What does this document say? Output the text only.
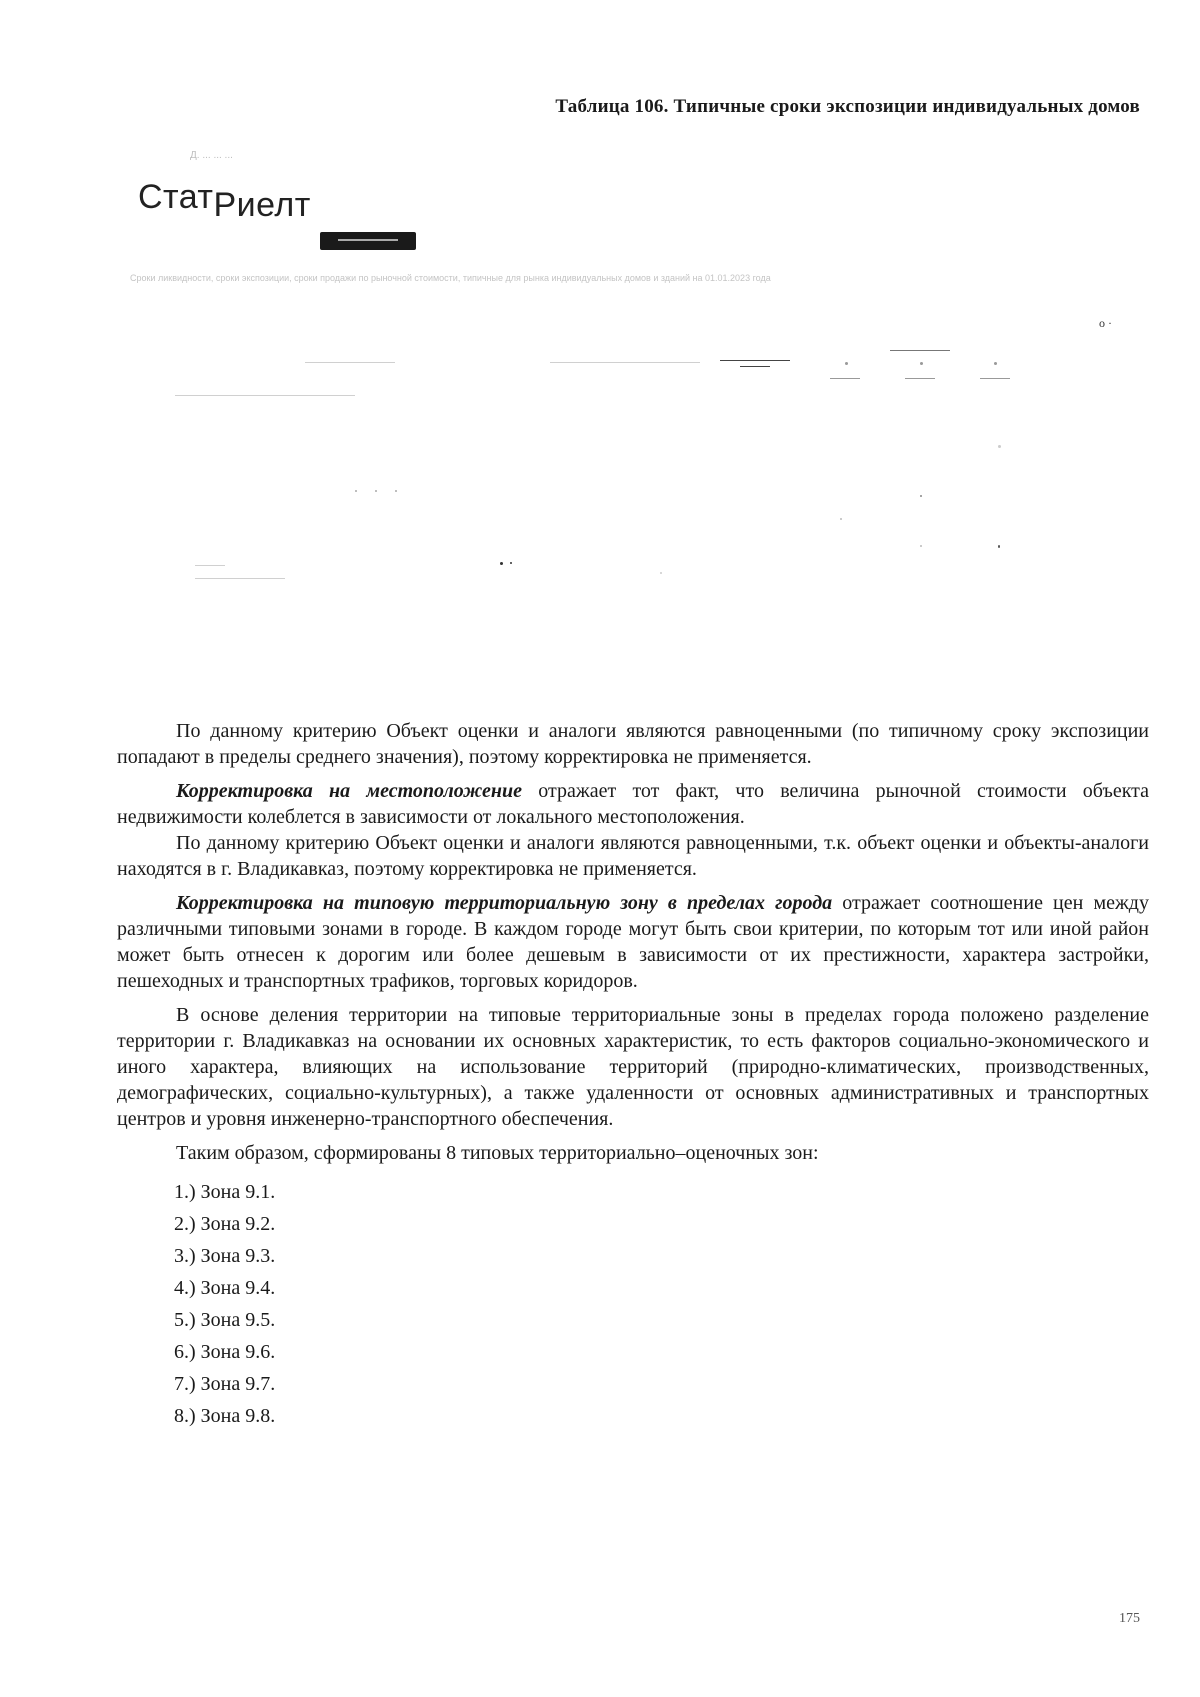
Таблица 106. Типичные сроки экспозиции индивидуальных домов
Д. ... ... ...
СтатРиелт
Сроки ликвидности, сроки экспозиции, сроки продажи по рыночной стоимости, типичные для рынка индивидуальных домов и зданий на 01.01.2023 года
о ·

По данному критерию Объект оценки и аналоги являются равноценными (по типичному сроку экспозиции попадают в пределы среднего значения), поэтому корректировка не применяется.

Корректировка на местоположение отражает тот факт, что величина рыночной стоимости объекта недвижимости колеблется в зависимости от локального местоположения.

По данному критерию Объект оценки и аналоги являются равноценными, т.к. объект оценки и объекты-аналоги находятся в г. Владикавказ, поэтому корректировка не применяется.

Корректировка на типовую территориальную зону в пределах города отражает соотношение цен между различными типовыми зонами в городе. В каждом городе могут быть свои критерии, по которым тот или иной район может быть отнесен к дорогим или более дешевым в зависимости от их престижности, характера застройки, пешеходных и транспортных трафиков, торговых коридоров.

В основе деления территории на типовые территориальные зоны в пределах города положено разделение территории г. Владикавказ на основании их основных характеристик, то есть факторов социально-экономического и иного характера, влияющих на использование территорий (природно-климатических, производственных, демографических, социально-культурных), а также удаленности от основных административных и транспортных центров и уровня инженерно-транспортного обеспечения.

Таким образом, сформированы 8 типовых территориально–оценочных зон:

1.) Зона 9.1.
2.) Зона 9.2.
3.) Зона 9.3.
4.) Зона 9.4.
5.) Зона 9.5.
6.) Зона 9.6.
7.) Зона 9.7.
8.) Зона 9.8.
175
